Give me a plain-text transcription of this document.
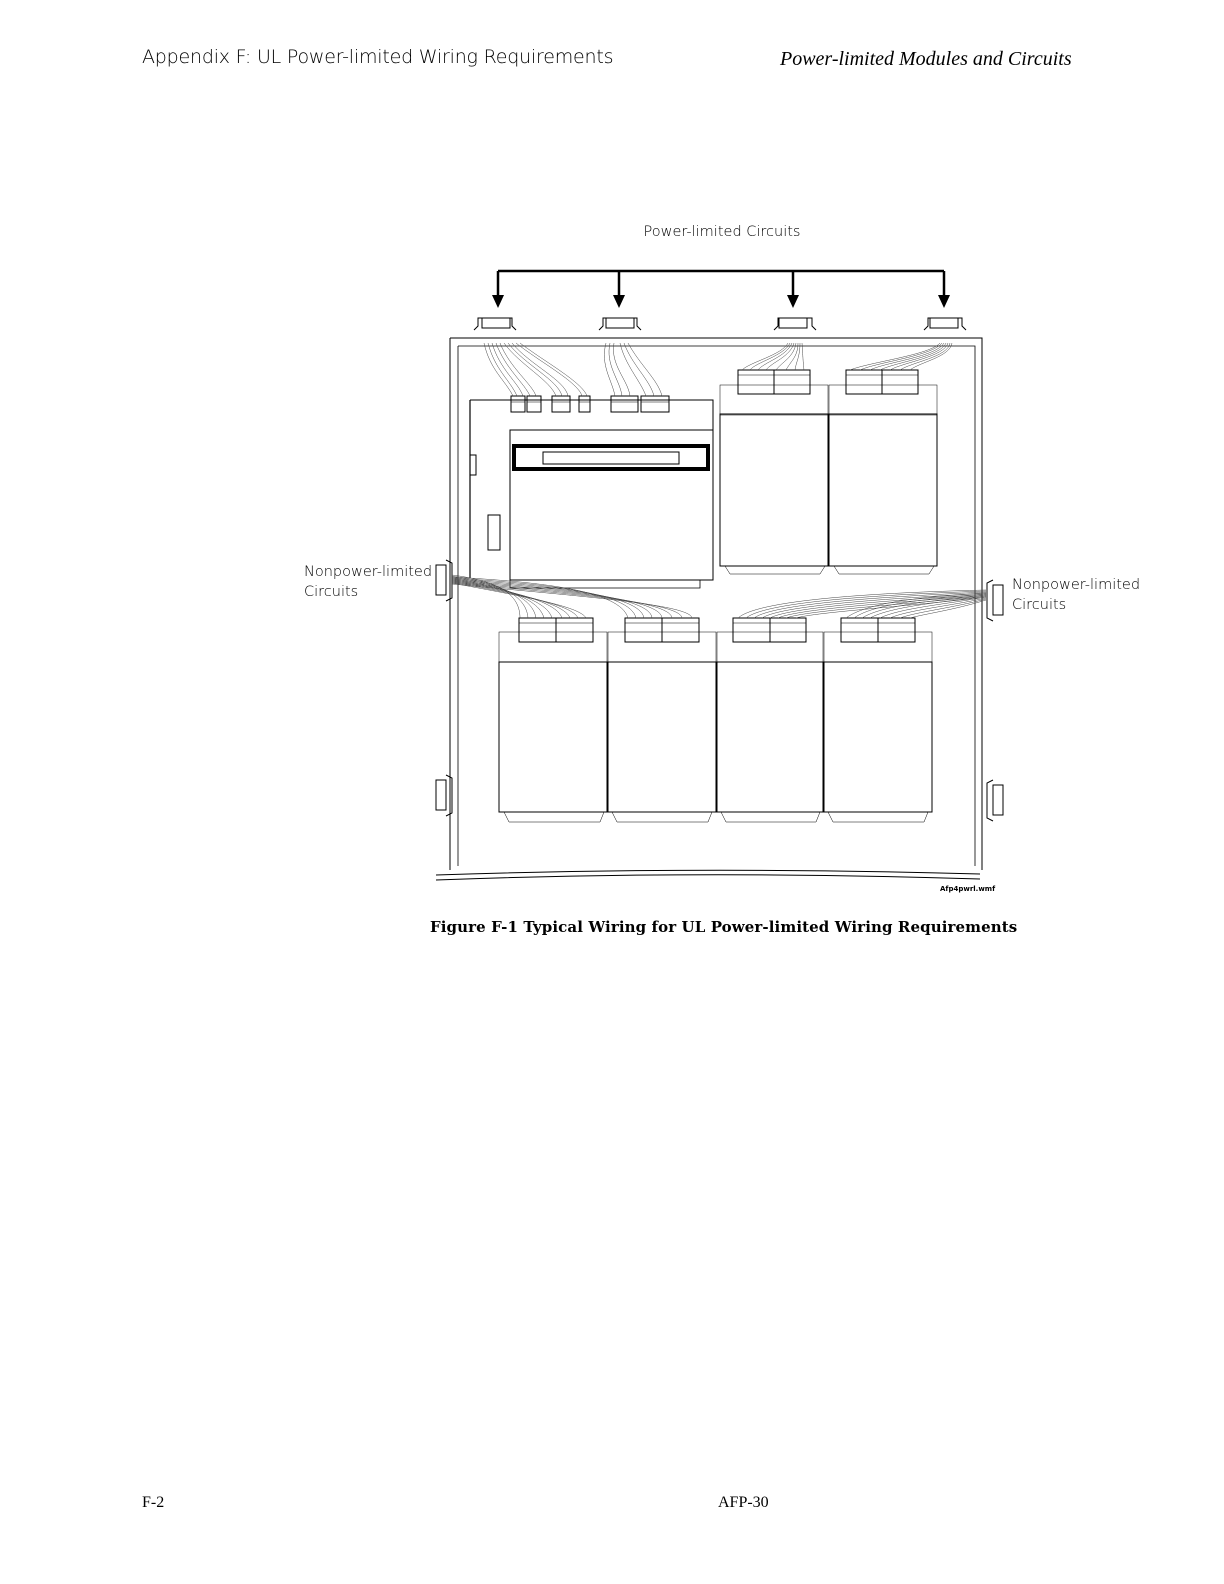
Appendix F: UL Power-limited Wiring Requirements	Power-limited Modules and Circuits
Power-limited Circuits
Nonpower-limited
Circuits	Nonpower-limited
Circuits
Afp4pwrl.wmf
Figure F-1 Typical Wiring for UL Power-limited Wiring Requirements
F-2	AFP-30
